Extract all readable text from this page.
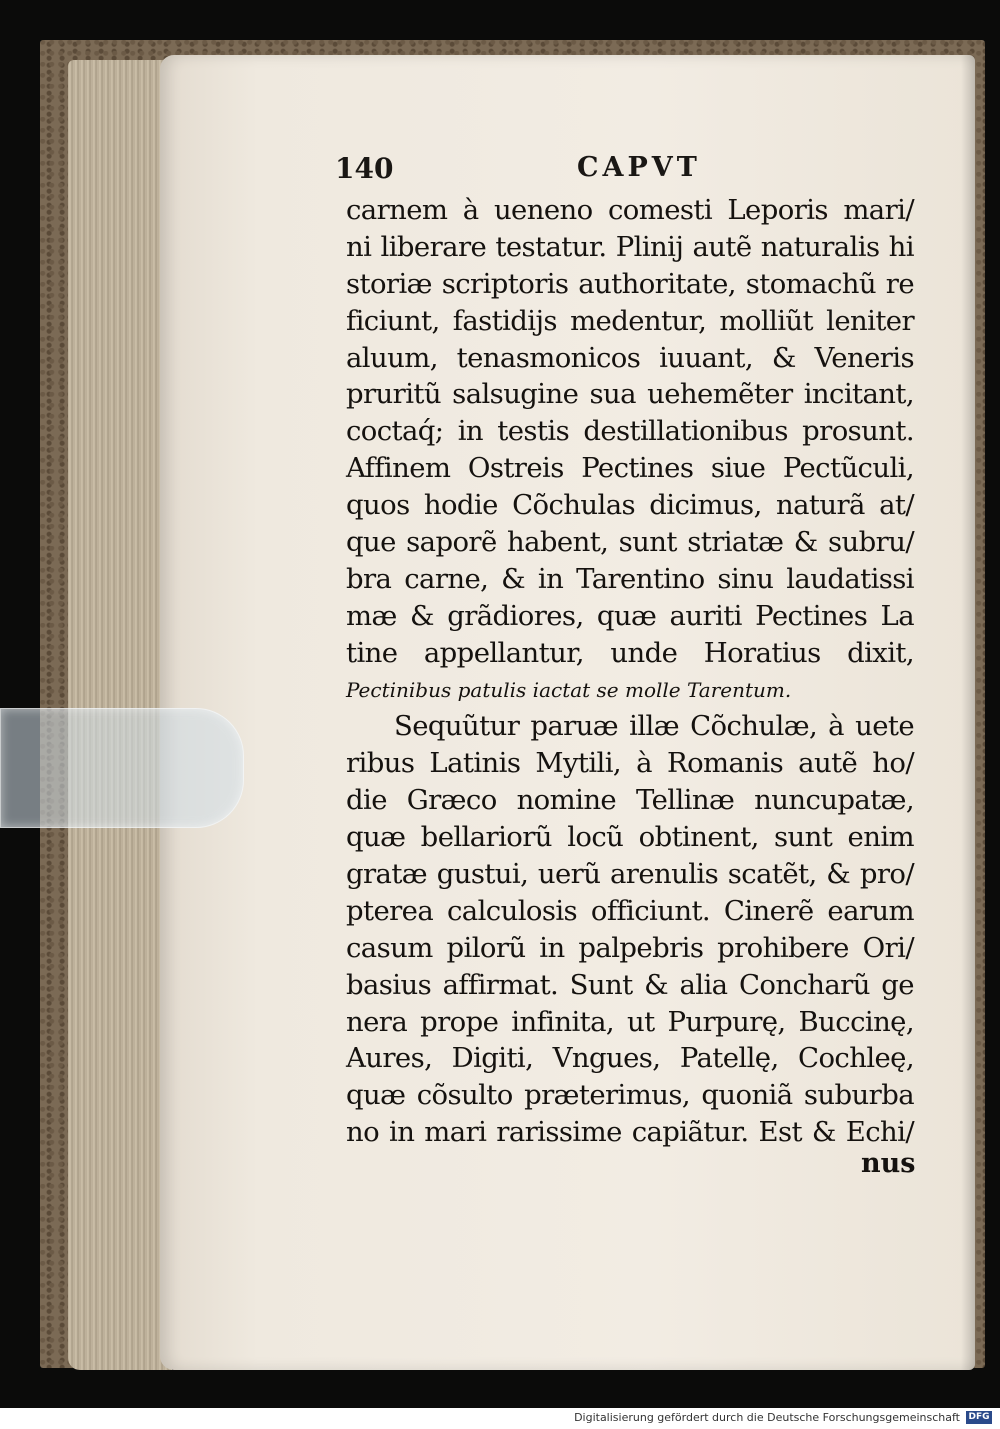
140	CAPVT
carnem à ueneno comesti Leporis mari/
ni liberare testatur. Plinij autẽ naturalis hi
storiæ scriptoris authoritate, stomachũ re
ficiunt, fastidijs medentur, molliũt leniter
aluum, tenasmonicos iuuant, & Veneris
pruritũ salsugine sua uehemẽter incitant,
coctaq́; in testis destillationibus prosunt.
Affinem Ostreis Pectines siue Pectũculi,
quos hodie Cõchulas dicimus, naturã at/
que saporẽ habent, sunt striatæ & subru/
bra carne, & in Tarentino sinu laudatissi
mæ & grãdiores, quæ auriti Pectines La
tine appellantur, unde Horatius dixit,
Pectinibus patulis iactat se molle Tarentum.
Sequũtur paruæ illæ Cõchulæ, à uete
ribus Latinis Mytili, à Romanis autẽ ho/
die Græco nomine Tellinæ nuncupatæ,
quæ bellariorũ locũ obtinent, sunt enim
gratæ gustui, uerũ arenulis scatẽt, & pro/
pterea calculosis officiunt. Cinerẽ earum
casum pilorũ in palpebris prohibere Ori/
basius affirmat. Sunt & alia Concharũ ge
nera prope infinita, ut Purpurę, Buccinę,
Aures, Digiti, Vngues, Patellę, Cochleę,
quæ cõsulto præterimus, quoniã suburba
no in mari rarissime capiãtur. Est & Echi/
nus
Digitalisierung gefördert durch die Deutsche Forschungsgemeinschaft DFG
